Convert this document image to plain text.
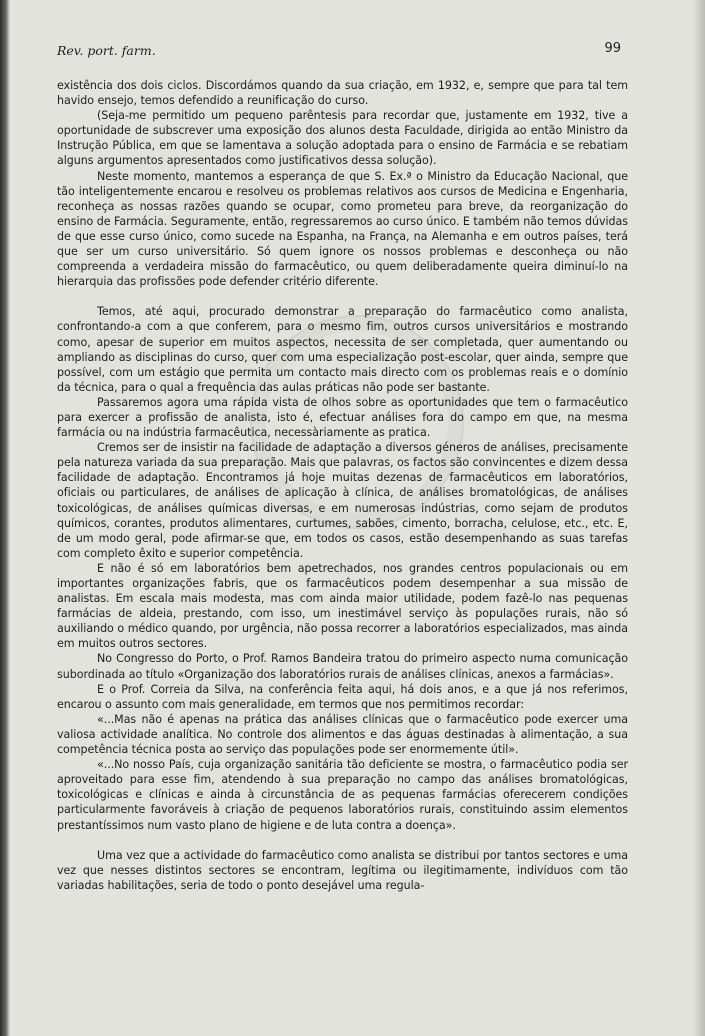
Rev. port. farm.	99

existência dos dois ciclos. Discordámos quando da sua criação, em 1932, e, sempre que para tal tem havido ensejo, temos defendido a reunificação do curso.

(Seja-me permitido um pequeno parêntesis para recordar que, justamente em 1932, tive a oportunidade de subscrever uma exposição dos alunos desta Faculdade, dirigida ao então Ministro da Instrução Pública, em que se lamentava a solução adoptada para o ensino de Farmácia e se rebatiam alguns argumentos apresentados como justificativos dessa solução).

Neste momento, mantemos a esperança de que S. Ex.ª o Ministro da Educação Nacional, que tão inteligentemente encarou e resolveu os problemas relativos aos cursos de Medicina e Engenharia, reconheça as nossas razões quando se ocupar, como prometeu para breve, da reorganização do ensino de Farmácia. Seguramente, então, regressaremos ao curso único. E também não temos dúvidas de que esse curso único, como sucede na Espanha, na França, na Alemanha e em outros países, terá que ser um curso universitário. Só quem ignore os nossos problemas e desconheça ou não compreenda a verdadeira missão do farmacêutico, ou quem deliberadamente queira diminuí-lo na hierarquia das profissões pode defender critério diferente.

Temos, até aqui, procurado demonstrar a preparação do farmacêutico como analista, confrontando-a com a que conferem, para o mesmo fim, outros cursos universitários e mostrando como, apesar de superior em muitos aspectos, necessita de ser completada, quer aumentando ou ampliando as disciplinas do curso, quer com uma especialização post-escolar, quer ainda, sempre que possível, com um estágio que permita um contacto mais directo com os problemas reais e o domínio da técnica, para o qual a frequência das aulas práticas não pode ser bastante.

Passaremos agora uma rápida vista de olhos sobre as oportunidades que tem o farmacêutico para exercer a profissão de analista, isto é, efectuar análises fora do campo em que, na mesma farmácia ou na indústria farmacêutica, necessàriamente as pratica.

Cremos ser de insistir na facilidade de adaptação a diversos géneros de análises, precisamente pela natureza variada da sua preparação. Mais que palavras, os factos são convincentes e dizem dessa facilidade de adaptação. Encontramos já hoje muitas dezenas de farmacêuticos em laboratórios, oficiais ou particulares, de análises de aplicação à clínica, de análises bromatológicas, de análises toxicológicas, de análises químicas diversas, e em numerosas indústrias, como sejam de produtos químicos, corantes, produtos alimentares, curtumes, sabões, cimento, borracha, celulose, etc., etc. E, de um modo geral, pode afirmar-se que, em todos os casos, estão desempenhando as suas tarefas com completo êxito e superior competência.

E não é só em laboratórios bem apetrechados, nos grandes centros populacionais ou em importantes organizações fabris, que os farmacêuticos podem desempenhar a sua missão de analistas. Em escala mais modesta, mas com ainda maior utilidade, podem fazê-lo nas pequenas farmácias de aldeia, prestando, com isso, um inestimável serviço às populações rurais, não só auxiliando o médico quando, por urgência, não possa recorrer a laboratórios especializados, mas ainda em muitos outros sectores.

No Congresso do Porto, o Prof. Ramos Bandeira tratou do primeiro aspecto numa comunicação subordinada ao título «Organização dos laboratórios rurais de análises clínicas, anexos a farmácias».

E o Prof. Correia da Silva, na conferência feita aqui, há dois anos, e a que já nos referimos, encarou o assunto com mais generalidade, em termos que nos permitimos recordar:

«...Mas não é apenas na prática das análises clínicas que o farmacêutico pode exercer uma valiosa actividade analítica. No controle dos alimentos e das águas destinadas à alimentação, a sua competência técnica posta ao serviço das populações pode ser enormemente útil».

«...No nosso País, cuja organização sanitária tão deficiente se mostra, o farmacêutico podia ser aproveitado para esse fim, atendendo à sua preparação no campo das análises bromatológicas, toxicológicas e clínicas e ainda à circunstância de as pequenas farmácias oferecerem condições particularmente favoráveis à criação de pequenos laboratórios rurais, constituindo assim elementos prestantíssimos num vasto plano de higiene e de luta contra a doença».

Uma vez que a actividade do farmacêutico como analista se distribui por tantos sectores e uma vez que nesses distintos sectores se encontram, legítima ou ilegitimamente, indivíduos com tão variadas habilitações, seria de todo o ponto desejável uma regula-
